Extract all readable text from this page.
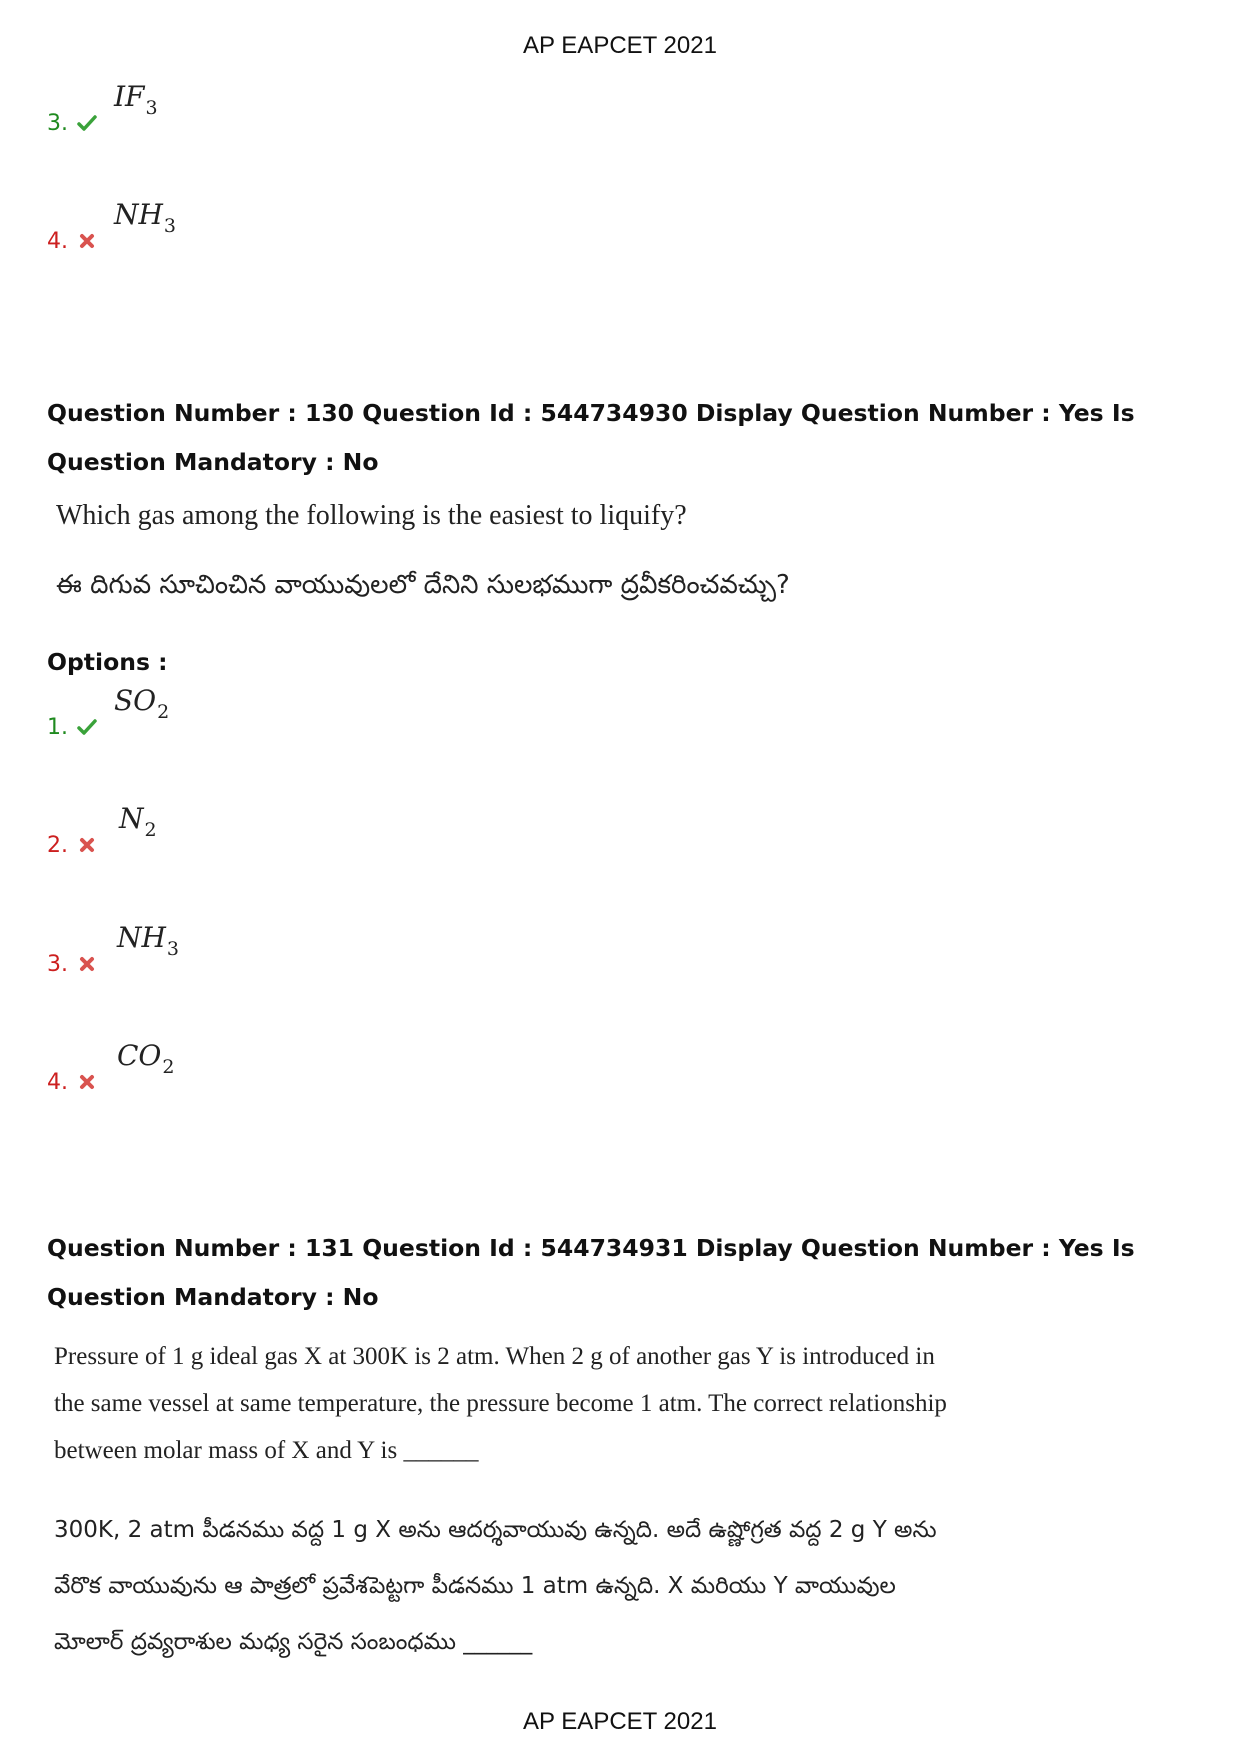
AP EAPCET 2021
3.
$IF_3$
4.
$NH_3$
Question Number : 130 Question Id : 544734930 Display Question Number : Yes Is Question Mandatory : No
Which gas among the following is the easiest to liquify?
ఈ దిగువ సూచించిన వాయువులలో దేనిని సులభముగా ద్రవీకరించవచ్చు?
Options :
1.
$SO_2$
2.
$N_2$
3.
$NH_3$
4.
$CO_2$
Question Number : 131 Question Id : 544734931 Display Question Number : Yes Is Question Mandatory : No
Pressure of 1 g ideal gas X at 300K is 2 atm. When 2 g of another gas Y is introduced in the same vessel at same temperature, the pressure become 1 atm. The correct relationship between molar mass of X and Y is ______
300K, 2 atm పీడనము వద్ద 1 g X అను ఆదర్శవాయువు ఉన్నది. అదే ఉష్ణోగ్రత వద్ద 2 g Y అను వేరొక వాయువును ఆ పాత్రలో ప్రవేశపెట్టగా పీడనము 1 atm ఉన్నది. X మరియు Y వాయువుల మోలార్ ద్రవ్యరాశుల మధ్య సరైన సంబంధము ______
AP EAPCET 2021
